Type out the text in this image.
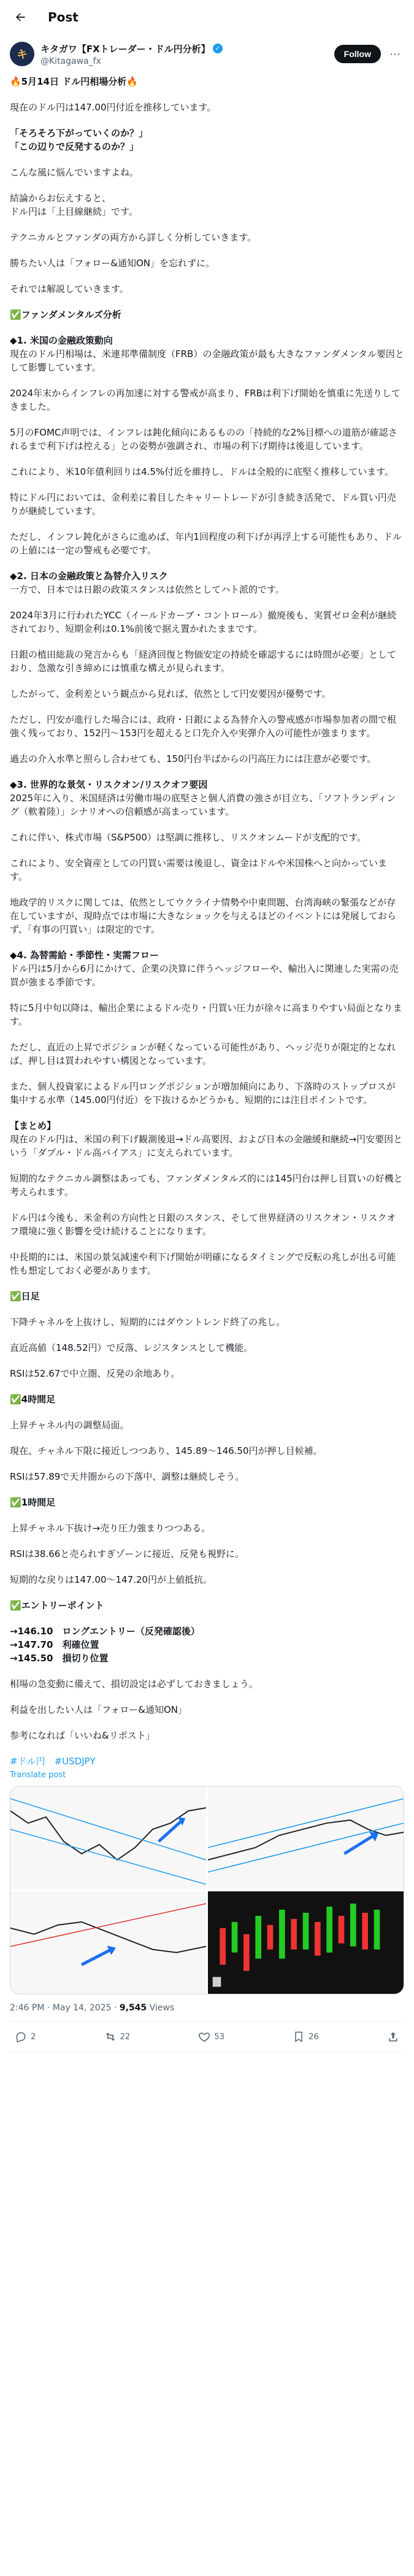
Post
キ	キタガワ【FXトレーダー・ドル円分析】 ✓
@Kitagawa_fx
Follow	⋯
🔥5月14日 ドル円相場分析🔥
現在のドル円は147.00円付近を推移しています。
「そろそろ下がっていくのか？」
「この辺りで反発するのか？」
こんな風に悩んでいますよね。
結論からお伝えすると、
ドル円は「上目線継続」です。
テクニカルとファンダの両方から詳しく分析していきます。
勝ちたい人は「フォロー&通知ON」を忘れずに。
それでは解説していきます。
✅ファンダメンタルズ分析
◆1. 米国の金融政策動向
現在のドル円相場は、米連邦準備制度（FRB）の金融政策が最も大きなファンダメンタル要因として影響しています。
2024年末からインフレの再加速に対する警戒が高まり、FRBは利下げ開始を慎重に先送りしてきました。
5月のFOMC声明では、インフレは鈍化傾向にあるものの「持続的な2%目標への道筋が確認されるまで利下げは控える」との姿勢が強調され、市場の利下げ期待は後退しています。
これにより、米10年債利回りは4.5%付近を維持し、ドルは全般的に底堅く推移しています。
特にドル円においては、金利差に着目したキャリートレードが引き続き活発で、ドル買い円売りが継続しています。
ただし、インフレ鈍化がさらに進めば、年内1回程度の利下げが再浮上する可能性もあり、ドルの上値には一定の警戒も必要です。
◆2. 日本の金融政策と為替介入リスク
一方で、日本では日銀の政策スタンスは依然としてハト派的です。
2024年3月に行われたYCC（イールドカーブ・コントロール）撤廃後も、実質ゼロ金利が継続されており、短期金利は0.1%前後で据え置かれたままです。
日銀の植田総裁の発言からも「経済回復と物価安定の持続を確認するには時間が必要」としており、急激な引き締めには慎重な構えが見られます。
したがって、金利差という観点から見れば、依然として円安要因が優勢です。
ただし、円安が進行した場合には、政府・日銀による為替介入の警戒感が市場参加者の間で根強く残っており、152円〜153円を超えると口先介入や実弾介入の可能性が強まります。
過去の介入水準と照らし合わせても、150円台半ばからの円高圧力には注意が必要です。
◆3. 世界的な景気・リスクオン/リスクオフ要因
2025年に入り、米国経済は労働市場の底堅さと個人消費の強さが目立ち、「ソフトランディング（軟着陸）」シナリオへの信頼感が高まっています。
これに伴い、株式市場（S&P500）は堅調に推移し、リスクオンムードが支配的です。
これにより、安全資産としての円買い需要は後退し、資金はドルや米国株へと向かっています。
地政学的リスクに関しては、依然としてウクライナ情勢や中東問題、台湾海峡の緊張などが存在していますが、現時点では市場に大きなショックを与えるほどのイベントには発展しておらず、「有事の円買い」は限定的です。
◆4. 為替需給・季節性・実需フロー
ドル円は5月から6月にかけて、企業の決算に伴うヘッジフローや、輸出入に関連した実需の売買が強まる季節です。
特に5月中旬以降は、輸出企業によるドル売り・円買い圧力が徐々に高まりやすい局面となります。
ただし、直近の上昇でポジションが軽くなっている可能性があり、ヘッジ売りが限定的となれば、押し目は買われやすい構図となっています。
また、個人投資家によるドル円ロングポジションが増加傾向にあり、下落時のストップロスが集中する水準（145.00円付近）を下抜けるかどうかも、短期的には注目ポイントです。
【まとめ】
現在のドル円は、米国の利下げ観測後退→ドル高要因、および日本の金融緩和継続→円安要因という「ダブル・ドル高バイアス」に支えられています。
短期的なテクニカル調整はあっても、ファンダメンタルズ的には145円台は押し目買いの好機と考えられます。
ドル円は今後も、米金利の方向性と日銀のスタンス、そして世界経済のリスクオン・リスクオフ環境に強く影響を受け続けることになります。
中長期的には、米国の景気減速や利下げ開始が明確になるタイミングで反転の兆しが出る可能性も想定しておく必要があります。
✅日足
下降チャネルを上抜けし、短期的にはダウントレンド終了の兆し。
直近高値（148.52円）で反落、レジスタンスとして機能。
RSIは52.67で中立圏、反発の余地あり。
✅4時間足
上昇チャネル内の調整局面。
現在、チャネル下限に接近しつつあり、145.89〜146.50円が押し目候補。
RSIは57.89で天井圏からの下落中、調整は継続しそう。
✅1時間足
上昇チャネル下抜け→売り圧力強まりつつある。
RSIは38.66と売られすぎゾーンに接近、反発も視野に。
短期的な戻りは147.00〜147.20円が上値抵抗。
✅エントリーポイント
→146.10　ロングエントリー（反発確認後）
→147.70　利確位置
→145.50　損切り位置
相場の急変動に備えて、損切設定は必ずしておきましょう。
利益を出したい人は「フォロー&通知ON」
参考になれば「いいね&リポスト」
#ドル円　#USDJPY
Translate post
2:46 PM · May 14, 2025 · 9,545 Views
2	22	53	26
